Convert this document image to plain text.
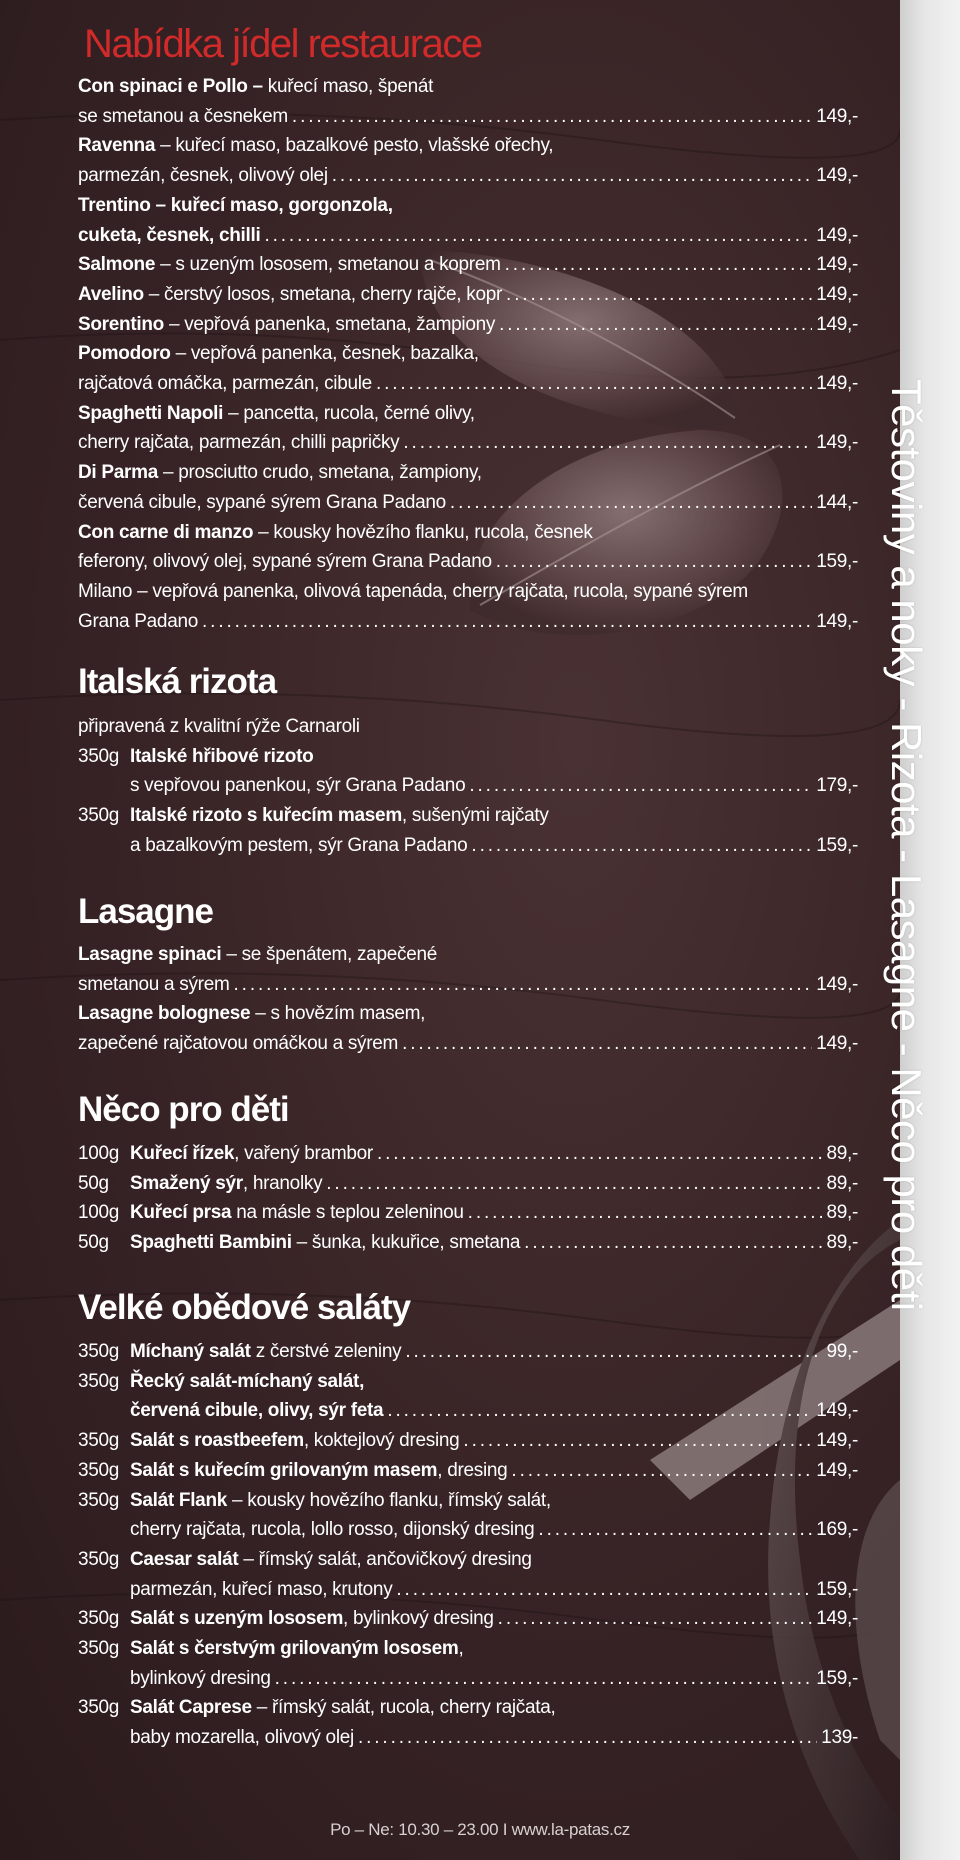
Těstoviny a noky - Rizota - Lasagne - Něco pro děti
Nabídka jídel restaurace
Con spinaci e Pollo – kuřecí maso, špenát
se smetanou a česnekem . . .	149,-
Ravenna – kuřecí maso, bazalkové pesto, vlašské ořechy,
parmezán, česnek, olivový olej . . .	149,-
Trentino – kuřecí maso, gorgonzola,
cuketa, česnek, chilli . . .	149,-
Salmone – s uzeným lososem, smetanou a koprem . . .	149,-
Avelino – čerstvý losos, smetana, cherry rajče, kopr . . .	149,-
Sorentino – vepřová panenka, smetana, žampiony . . .	149,-
Pomodoro – vepřová panenka, česnek, bazalka,
rajčatová omáčka, parmezán, cibule . . .	149,-
Spaghetti Napoli – pancetta, rucola, černé olivy,
cherry rajčata, parmezán, chilli papričky . . .	149,-
Di Parma – prosciutto crudo, smetana, žampiony,
červená cibule, sypané sýrem Grana Padano . . .	144,-
Con carne di manzo – kousky hovězího flanku, rucola, česnek
feferony, olivový olej, sypané sýrem Grana Padano . . .	159,-
Milano – vepřová panenka, olivová tapenáda, cherry rajčata, rucola, sypané sýrem
Grana Padano . . .	149,-
Italská rizota
připravená z kvalitní rýže Carnaroli
350g Italské hřibové rizoto
s vepřovou panenkou, sýr Grana Padano . . .	179,-
350g Italské rizoto s kuřecím masem, sušenými rajčaty
a bazalkovým pestem, sýr Grana Padano . . .	159,-
Lasagne
Lasagne spinaci – se špenátem, zapečené
smetanou a sýrem . . .	149,-
Lasagne bolognese – s hovězím masem,
zapečené rajčatovou omáčkou a sýrem . . .	149,-
Něco pro děti
100g Kuřecí řízek, vařený brambor . . .	89,-
50g	Smažený sýr, hranolky . . .	89,-
100g Kuřecí prsa na másle s teplou zeleninou . . .	89,-
50g	Spaghetti Bambini – šunka, kukuřice, smetana . . .	89,-
Velké obědové saláty
350g Míchaný salát z čerstvé zeleniny . . .	99,-
350g Řecký salát-míchaný salát,
červená cibule, olivy, sýr feta . . .	149,-
350g Salát s roastbeefem, koktejlový dresing . . .	149,-
350g Salát s kuřecím grilovaným masem, dresing . . .	149,-
350g Salát Flank – kousky hovězího flanku, římský salát,
cherry rajčata, rucola, lollo rosso, dijonský dresing . . .	169,-
350g Caesar salát – římský salát, ančovičkový dresing
parmezán, kuřecí maso, krutony . . .	159,-
350g Salát s uzeným lososem, bylinkový dresing . . .	149,-
350g Salát s čerstvým grilovaným lososem,
bylinkový dresing . . .	159,-
350g Salát Caprese – římský salát, rucola, cherry rajčata,
baby mozarella, olivový olej . . .	139-
Po – Ne: 10.30 – 23.00 I www.la-patas.cz
